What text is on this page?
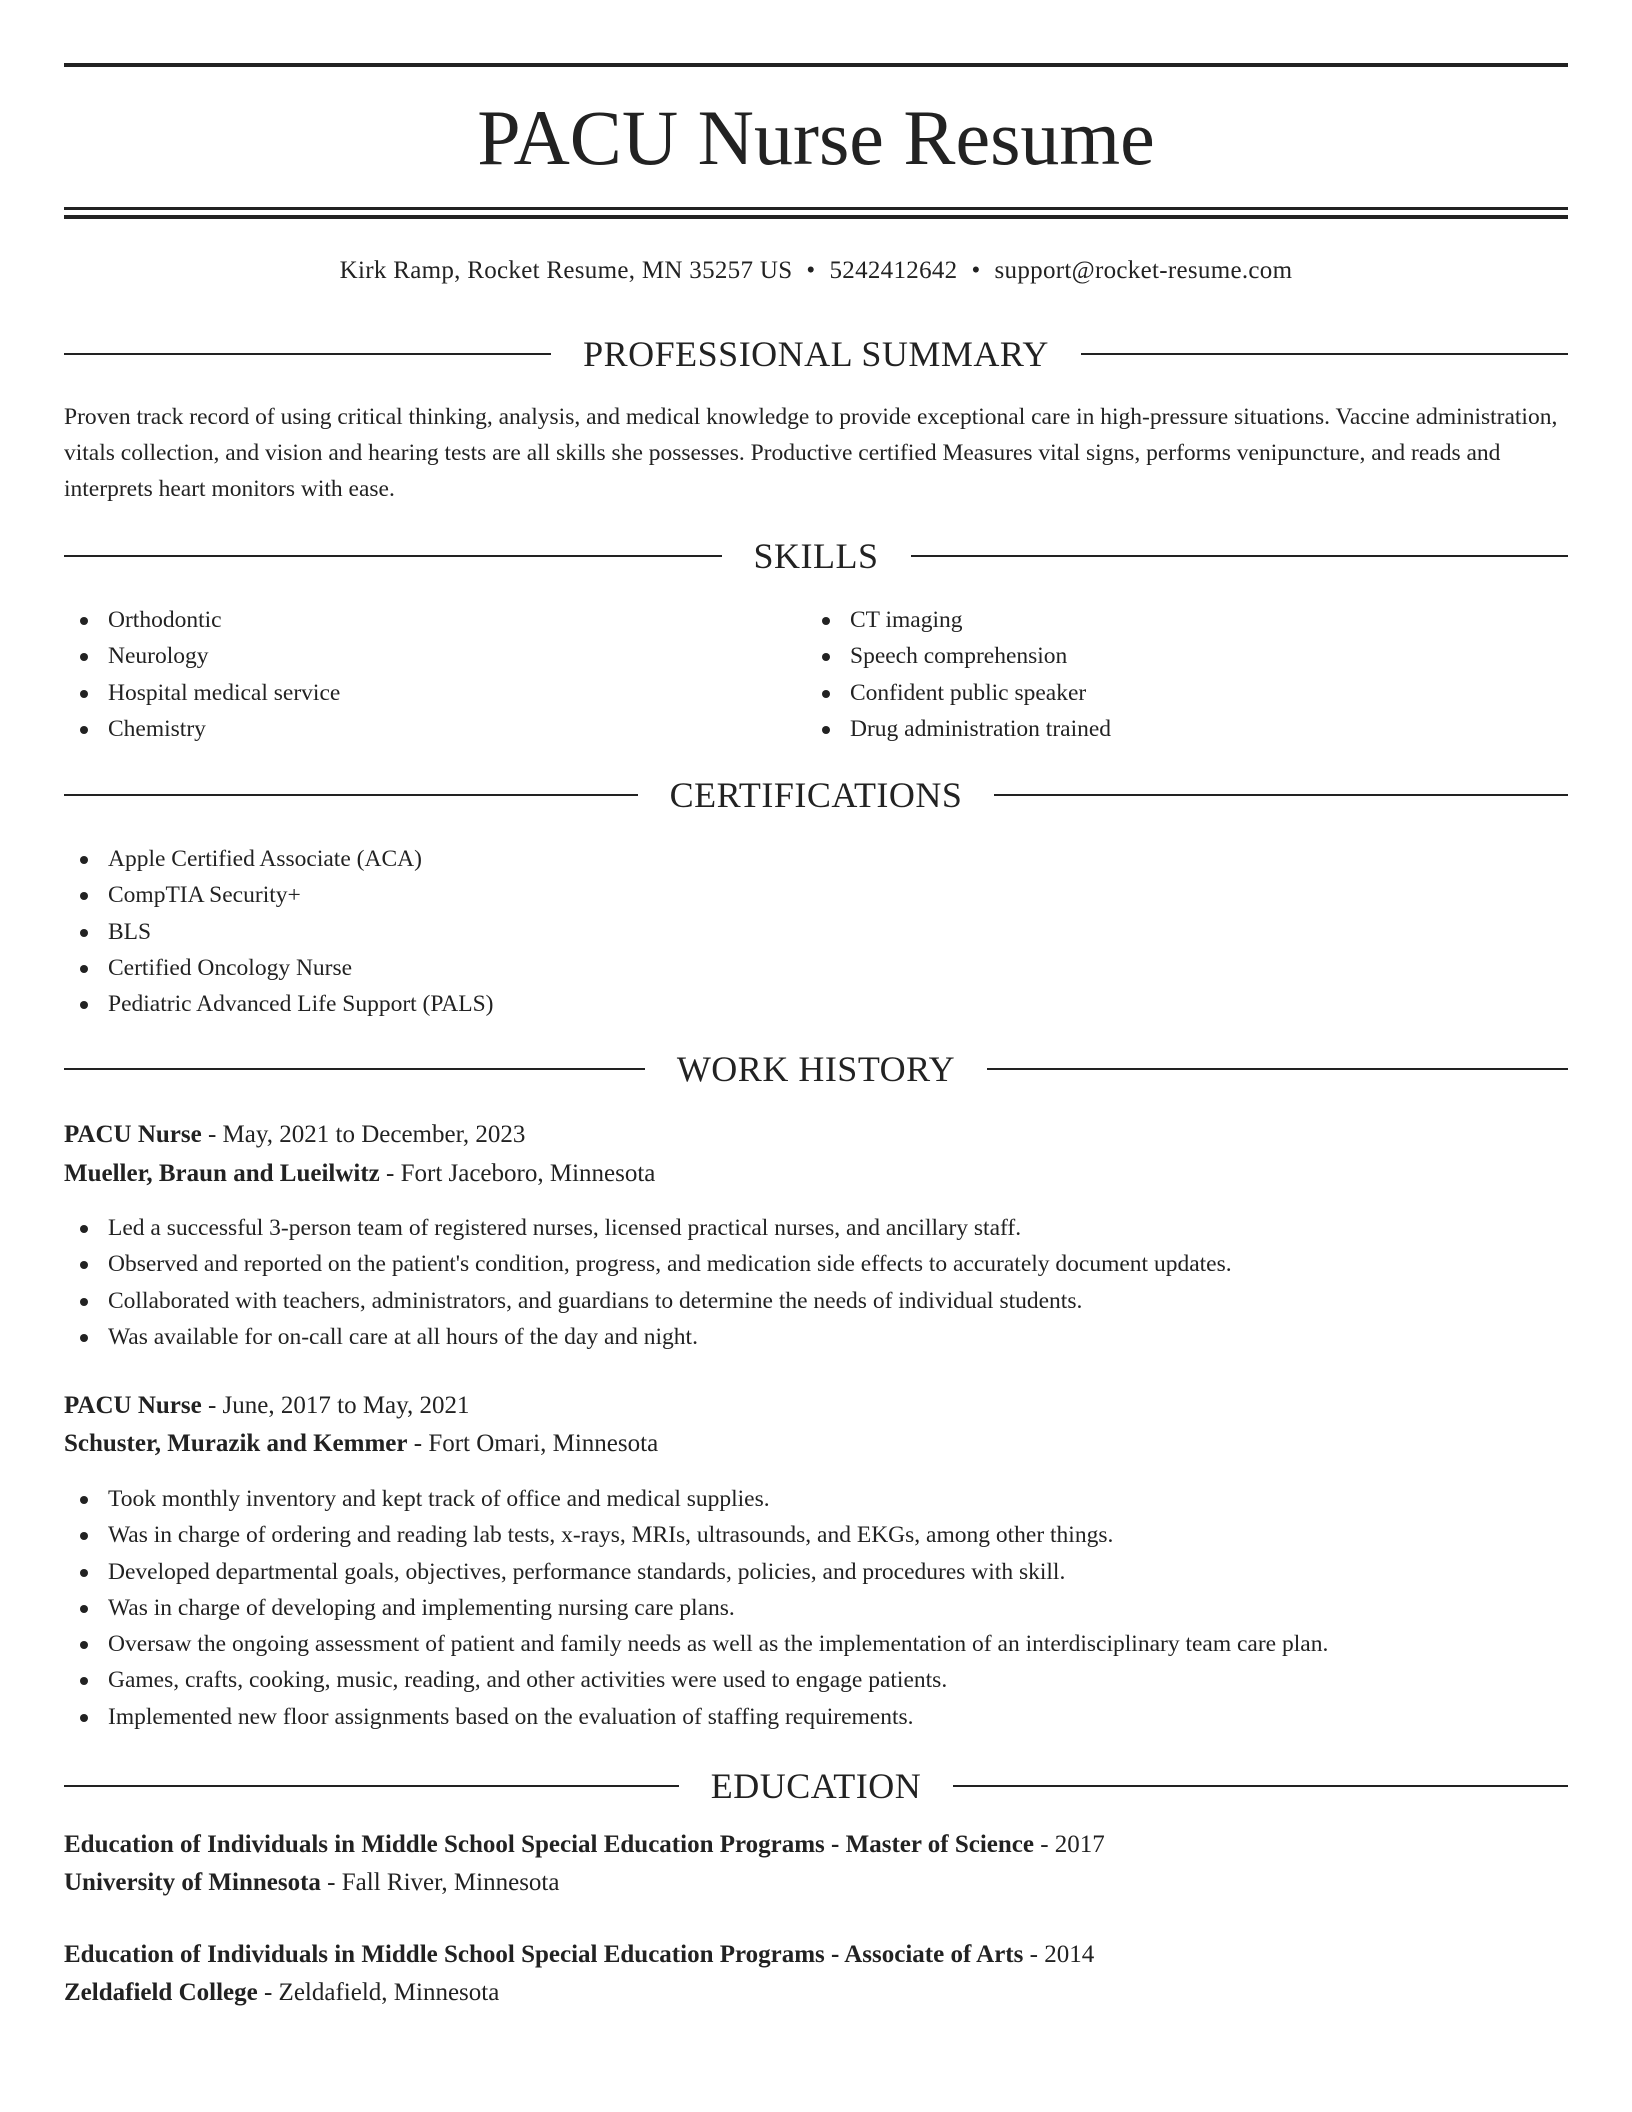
PACU Nurse Resume
Kirk Ramp, Rocket Resume, MN 35257 US • 5242412642 • support@rocket-resume.com
PROFESSIONAL SUMMARY

Proven track record of using critical thinking, analysis, and medical knowledge to provide exceptional care in high-pressure situations. Vaccine administration, vitals collection, and vision and hearing tests are all skills she possesses. Productive certified Measures vital signs, performs venipuncture, and reads and interprets heart monitors with ease.

SKILLS
Orthodontic
Neurology
Hospital medical service
Chemistry
CT imaging
Speech comprehension
Confident public speaker
Drug administration trained
CERTIFICATIONS
Apple Certified Associate (ACA)
CompTIA Security+
BLS
Certified Oncology Nurse
Pediatric Advanced Life Support (PALS)
WORK HISTORY
PACU Nurse - May, 2021 to December, 2023
Mueller, Braun and Lueilwitz - Fort Jaceboro, Minnesota
Led a successful 3-person team of registered nurses, licensed practical nurses, and ancillary staff.
Observed and reported on the patient's condition, progress, and medication side effects to accurately document updates.
Collaborated with teachers, administrators, and guardians to determine the needs of individual students.
Was available for on-call care at all hours of the day and night.
PACU Nurse - June, 2017 to May, 2021
Schuster, Murazik and Kemmer - Fort Omari, Minnesota
Took monthly inventory and kept track of office and medical supplies.
Was in charge of ordering and reading lab tests, x-rays, MRIs, ultrasounds, and EKGs, among other things.
Developed departmental goals, objectives, performance standards, policies, and procedures with skill.
Was in charge of developing and implementing nursing care plans.
Oversaw the ongoing assessment of patient and family needs as well as the implementation of an interdisciplinary team care plan.
Games, crafts, cooking, music, reading, and other activities were used to engage patients.
Implemented new floor assignments based on the evaluation of staffing requirements.
EDUCATION
Education of Individuals in Middle School Special Education Programs - Master of Science - 2017
University of Minnesota - Fall River, Minnesota
Education of Individuals in Middle School Special Education Programs - Associate of Arts - 2014
Zeldafield College - Zeldafield, Minnesota
